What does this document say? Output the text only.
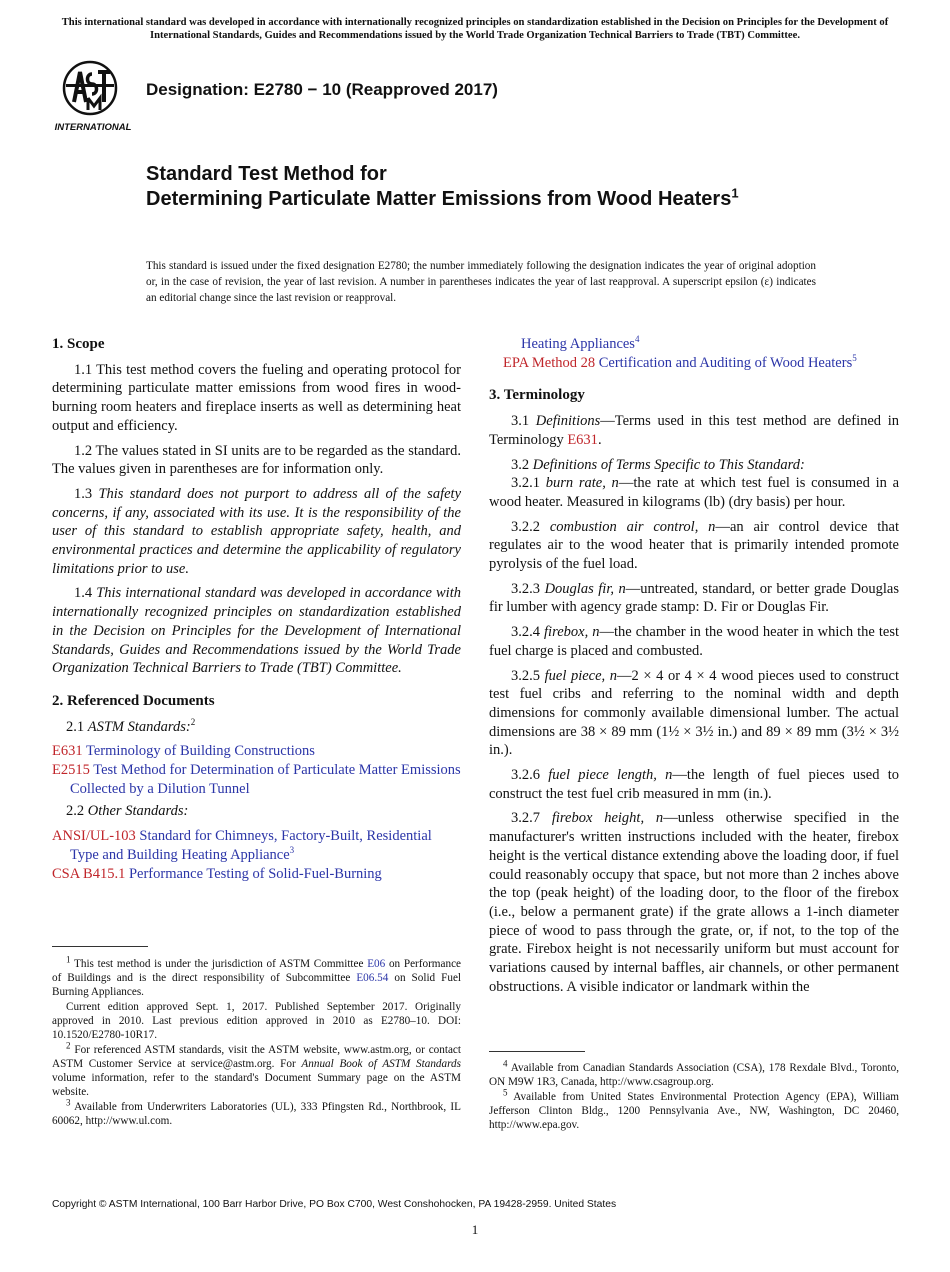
This international standard was developed in accordance with internationally recognized principles on standardization established in the Decision on Principles for the Development of International Standards, Guides and Recommendations issued by the World Trade Organization Technical Barriers to Trade (TBT) Committee.
INTERNATIONAL
Designation: E2780 − 10 (Reapproved 2017)
Standard Test Method for
Determining Particulate Matter Emissions from Wood Heaters$^1$
This standard is issued under the fixed designation E2780; the number immediately following the designation indicates the year of original adoption or, in the case of revision, the year of last revision. A number in parentheses indicates the year of last reapproval. A superscript epsilon (ε) indicates an editorial change since the last revision or reapproval.
1. Scope

1.1 This test method covers the fueling and operating protocol for determining particulate matter emissions from wood fires in wood-burning room heaters and fireplace inserts as well as determining heat output and efficiency.

1.2 The values stated in SI units are to be regarded as the standard. The values given in parentheses are for information only.

1.3 This standard does not purport to address all of the safety concerns, if any, associated with its use. It is the responsibility of the user of this standard to establish appropriate safety, health, and environmental practices and determine the applicability of regulatory limitations prior to use.

1.4 This international standard was developed in accordance with internationally recognized principles on standardization established in the Decision on Principles for the Development of International Standards, Guides and Recommendations issued by the World Trade Organization Technical Barriers to Trade (TBT) Committee.

2. Referenced Documents

2.1 ASTM Standards:$^2$

E631 Terminology of Building Constructions
E2515 Test Method for Determination of Particulate Matter Emissions Collected by a Dilution Tunnel

2.2 Other Standards:

ANSI/UL-103 Standard for Chimneys, Factory-Built, Residential Type and Building Heating Appliance$^3$
CSA B415.1 Performance Testing of Solid-Fuel-Burning

$^1$ This test method is under the jurisdiction of ASTM Committee E06 on Performance of Buildings and is the direct responsibility of Subcommittee E06.54 on Solid Fuel Burning Appliances.

Current edition approved Sept. 1, 2017. Published September 2017. Originally approved in 2010. Last previous edition approved in 2010 as E2780–10. DOI: 10.1520/E2780-10R17.

$^2$ For referenced ASTM standards, visit the ASTM website, www.astm.org, or contact ASTM Customer Service at service@astm.org. For Annual Book of ASTM Standards volume information, refer to the standard's Document Summary page on the ASTM website.

$^3$ Available from Underwriters Laboratories (UL), 333 Pfingsten Rd., Northbrook, IL 60062, http://www.ul.com.

Heating Appliances$^4$
EPA Method 28 Certification and Auditing of Wood Heaters$^5$
3. Terminology

3.1 Definitions—Terms used in this test method are defined in Terminology E631.

3.2 Definitions of Terms Specific to This Standard:

3.2.1 burn rate, n—the rate at which test fuel is consumed in a wood heater. Measured in kilograms (lb) (dry basis) per hour.

3.2.2 combustion air control, n—an air control device that regulates air to the wood heater that is primarily intended promote pyrolysis of the fuel load.

3.2.3 Douglas fir, n—untreated, standard, or better grade Douglas fir lumber with agency grade stamp: D. Fir or Douglas Fir.

3.2.4 firebox, n—the chamber in the wood heater in which the test fuel charge is placed and combusted.

3.2.5 fuel piece, n—2 × 4 or 4 × 4 wood pieces used to construct test fuel cribs and referring to the nominal width and depth dimensions for commonly available dimensional lumber. The actual dimensions are 38 × 89 mm (1½ × 3½ in.) and 89 × 89 mm (3½ × 3½ in.).

3.2.6 fuel piece length, n—the length of fuel pieces used to construct the test fuel crib measured in mm (in.).

3.2.7 firebox height, n—unless otherwise specified in the manufacturer's written instructions included with the heater, firebox height is the vertical distance extending above the loading door, if fuel could reasonably occupy that space, but not more than 2 inches above the top (peak height) of the loading door, to the floor of the firebox (i.e., below a permanent grate) if the grate allows a 1-inch diameter piece of wood to pass through the grate, or, if not, to the top of the grate. Firebox height is not necessarily uniform but must account for variations caused by internal baffles, air channels, or other permanent obstructions. A visible indicator or landmark within the

$^4$ Available from Canadian Standards Association (CSA), 178 Rexdale Blvd., Toronto, ON M9W 1R3, Canada, http://www.csagroup.org.

$^5$ Available from United States Environmental Protection Agency (EPA), William Jefferson Clinton Bldg., 1200 Pennsylvania Ave., NW, Washington, DC 20460, http://www.epa.gov.

Copyright © ASTM International, 100 Barr Harbor Drive, PO Box C700, West Conshohocken, PA 19428-2959. United States
1
